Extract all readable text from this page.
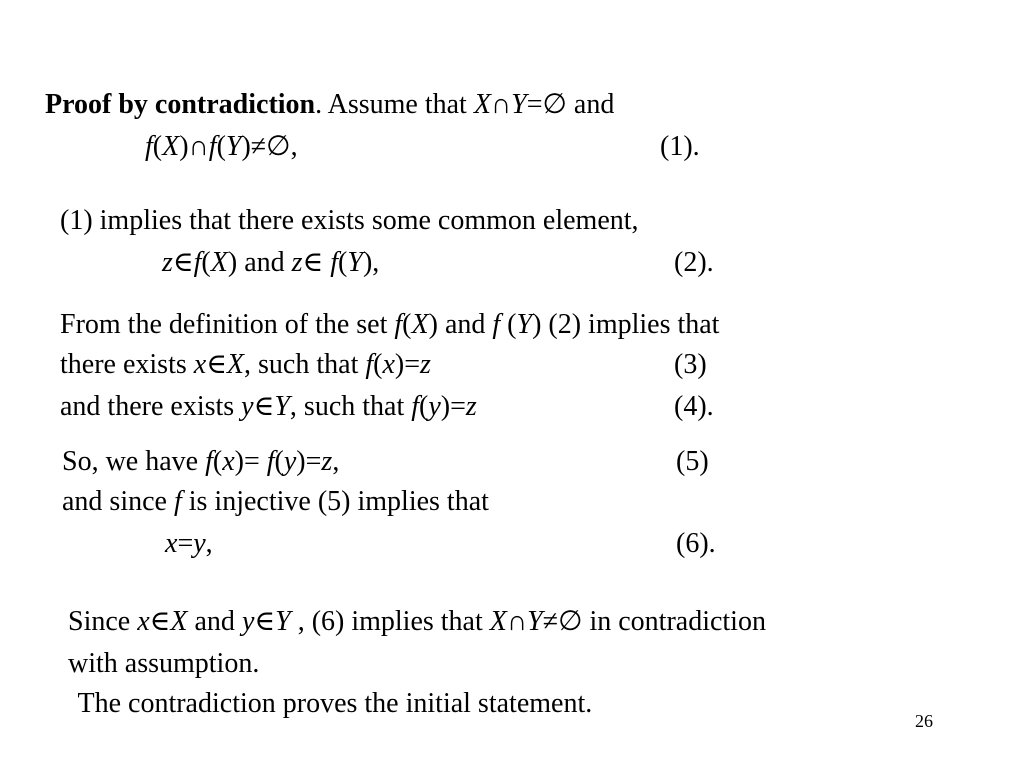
Proof by contradiction. Assume that X∩Y=∅ and
f(X)∩f(Y)≠∅,	(1).
(1) implies that there exists some common element,
z∈f(X) and z∈ f(Y),	(2).
From the definition of the set f(X) and f (Y) (2) implies that
there exists x∈X, such that f(x)=z	(3)
and there exists y∈Y, such that f(y)=z	(4).
So, we have f(x)= f(y)=z,	(5)
and since f is injective (5) implies that
x=y,	(6).
Since x∈X and y∈Y , (6) implies that X∩Y≠∅ in contradiction
with assumption.
The contradiction proves the initial statement.
26
